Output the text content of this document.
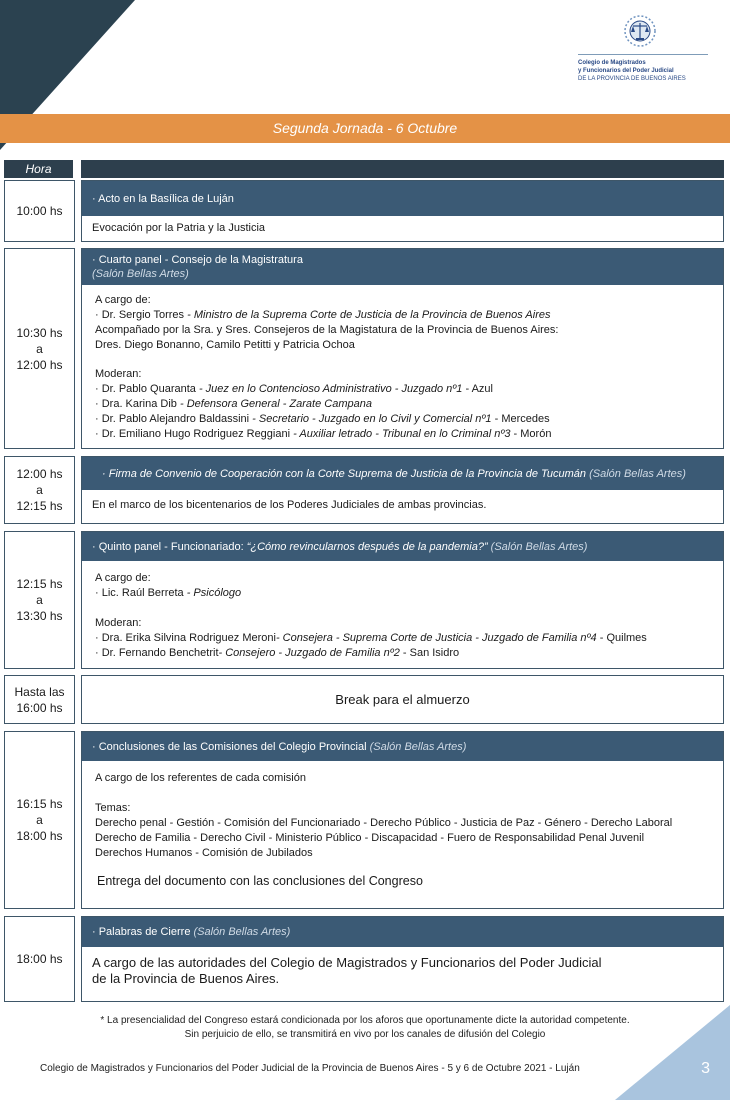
Colegio de Magistrados
y Funcionarios del Poder Judicial
DE LA PROVINCIA DE BUENOS AIRES
Segunda Jornada - 6 Octubre
Hora
10:00 hs
· Acto en la Basílica de Luján
Evocación por la Patria y la Justicia
10:30 hs
a
12:00 hs
· Cuarto panel - Consejo de la Magistratura
(Salón Bellas Artes)
A cargo de:
· Dr. Sergio Torres - Ministro de la Suprema Corte de Justicia de la Provincia de Buenos Aires
Acompañado por la Sra. y Sres. Consejeros de la Magistatura de la Provincia de Buenos Aires:
Dres. Diego Bonanno, Camilo Petitti y Patricia Ochoa
Moderan:
· Dr. Pablo Quaranta - Juez en lo Contencioso Administrativo - Juzgado nº1 - Azul
· Dra. Karina Dib - Defensora General - Zarate Campana
· Dr. Pablo Alejandro Baldassini - Secretario - Juzgado en lo Civil y Comercial nº1 - Mercedes
· Dr. Emiliano Hugo Rodriguez Reggiani - Auxiliar letrado - Tribunal en lo Criminal nº3 - Morón
12:00 hs
a
12:15 hs
· Firma de Convenio de Cooperación con la Corte Suprema de Justicia de la Provincia de Tucumán (Salón Bellas Artes)
En el marco de los bicentenarios de los Poderes Judiciales de ambas provincias.
12:15 hs
a
13:30 hs
· Quinto panel - Funcionariado: “¿Cómo revincularnos después de la pandemia?” (Salón Bellas Artes)
A cargo de:
· Lic. Raúl Berreta - Psicólogo
Moderan:
· Dra. Erika Silvina Rodriguez Meroni- Consejera - Suprema Corte de Justicia - Juzgado de Familia nº4 - Quilmes
· Dr. Fernando Benchetrit- Consejero - Juzgado de Familia nº2 - San Isidro
Hasta las
16:00 hs
Break para el almuerzo
16:15 hs
a
18:00 hs
· Conclusiones de las Comisiones del Colegio Provincial (Salón Bellas Artes)
A cargo de los referentes de cada comisión
Temas:
Derecho penal - Gestión - Comisión del Funcionariado - Derecho Público - Justicia de Paz - Género - Derecho Laboral
Derecho de Familia - Derecho Civil - Ministerio Público - Discapacidad - Fuero de Responsabilidad Penal Juvenil
Derechos Humanos - Comisión de Jubilados
Entrega del documento con las conclusiones del Congreso
18:00 hs
· Palabras de Cierre (Salón Bellas Artes)
A cargo de las autoridades del Colegio de Magistrados y Funcionarios del Poder Judicial
de la Provincia de Buenos Aires.
* La presencialidad del Congreso estará condicionada por los aforos que oportunamente dicte la autoridad competente.
Sin perjuicio de ello, se transmitirá en vivo por los canales de difusión del Colegio
Colegio de Magistrados y Funcionarios del Poder Judicial de la Provincia de Buenos Aires - 5 y 6 de Octubre 2021 - Luján	3
